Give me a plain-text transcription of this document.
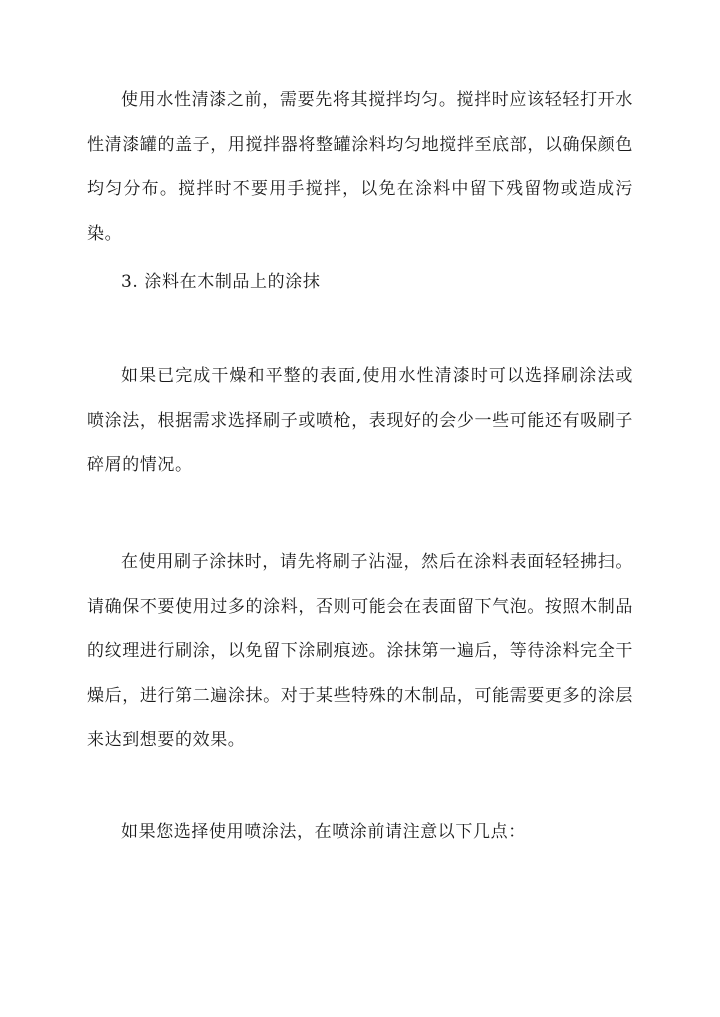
使用水性清漆之前，需要先将其搅拌均匀。搅拌时应该轻轻打开水性清漆罐的盖子，用搅拌器将整罐涂料均匀地搅拌至底部，以确保颜色均匀分布。搅拌时不要用手搅拌，以免在涂料中留下残留物或造成污染。

3. 涂料在木制品上的涂抹

如果已完成干燥和平整的表面,使用水性清漆时可以选择刷涂法或喷涂法，根据需求选择刷子或喷枪，表现好的会少一些可能还有吸刷子碎屑的情况。

在使用刷子涂抹时，请先将刷子沾湿，然后在涂料表面轻轻拂扫。请确保不要使用过多的涂料，否则可能会在表面留下气泡。按照木制品的纹理进行刷涂，以免留下涂刷痕迹。涂抹第一遍后，等待涂料完全干燥后，进行第二遍涂抹。对于某些特殊的木制品，可能需要更多的涂层来达到想要的效果。

如果您选择使用喷涂法，在喷涂前请注意以下几点：
